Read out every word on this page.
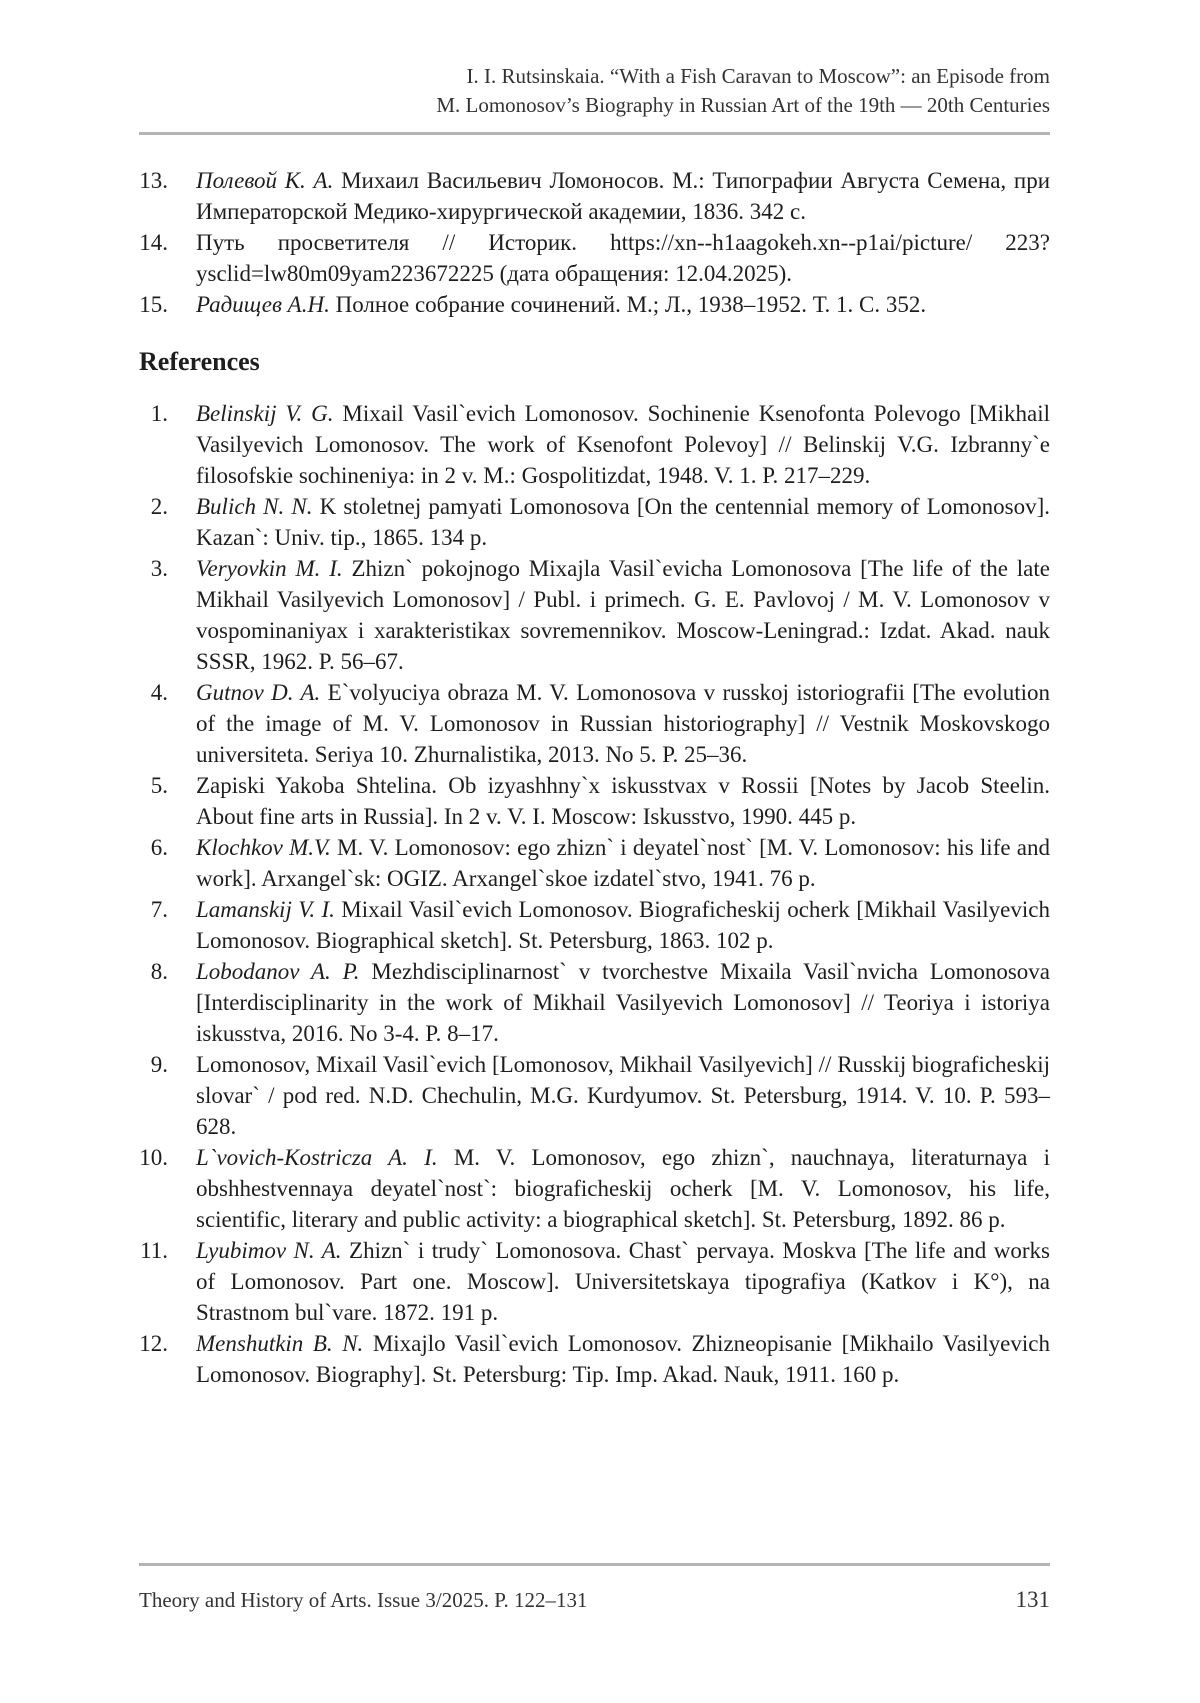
I. I. Rutsinskaia. “With a Fish Caravan to Moscow”: an Episode from
M. Lomonosov’s Biography in Russian Art of the 19th — 20th Centuries
13. Полевой К. А. Михаил Васильевич Ломоносов. М.: Типографии Августа Семена, при Императорской Медико-хирургической академии, 1836. 342 с.
14. Путь просветителя // Историк. https://xn--h1aagokeh.xn--p1ai/picture/ 223?ysclid=lw80m09yam223672225 (дата обращения: 12.04.2025).
15. Радищев А.Н. Полное собрание сочинений. М.; Л., 1938–1952. Т. 1. С. 352.
References
1. Belinskij V. G. Mixail Vasil`evich Lomonosov. Sochinenie Ksenofonta Polevogo [Mikhail Vasilyevich Lomonosov. The work of Ksenofont Polevoy] // Belinskij V.G. Izbranny`e filosofskie sochineniya: in 2 v. M.: Gospolitizdat, 1948. V. 1. P. 217–229.
2. Bulich N. N. K stoletnej pamyati Lomonosova [On the centennial memory of Lomonosov]. Kazan`: Univ. tip., 1865. 134 p.
3. Veryovkin M. I. Zhizn` pokojnogo Mixajla Vasil`evicha Lomonosova [The life of the late Mikhail Vasilyevich Lomonosov] / Publ. i primech. G. E. Pavlovoj / M. V. Lomonosov v vospominaniyax i xarakteristikax sovremennikov. Moscow-Leningrad.: Izdat. Akad. nauk SSSR, 1962. P. 56–67.
4. Gutnov D. A. E`volyuciya obraza M. V. Lomonosova v russkoj istoriografii [The evolution of the image of M. V. Lomonosov in Russian historiography] // Vestnik Moskovskogo universiteta. Seriya 10. Zhurnalistika, 2013. No 5. P. 25–36.
5. Zapiski Yakoba Shtelina. Ob izyashhny`x iskusstvax v Rossii [Notes by Jacob Steelin. About fine arts in Russia]. In 2 v. V. I. Moscow: Iskusstvo, 1990. 445 p.
6. Klochkov M.V. M. V. Lomonosov: ego zhizn` i deyatel`nost` [M. V. Lomonosov: his life and work]. Arxangel`sk: OGIZ. Arxangel`skoe izdatel`stvo, 1941. 76 p.
7. Lamanskij V. I. Mixail Vasil`evich Lomonosov. Biograficheskij ocherk [Mikhail Vasilyevich Lomonosov. Biographical sketch]. St. Petersburg, 1863. 102 p.
8. Lobodanov A. P. Mezhdisciplinarnost` v tvorchestve Mixaila Vasil`nvicha Lomonosova [Interdisciplinarity in the work of Mikhail Vasilyevich Lomonosov] // Teoriya i istoriya iskusstva, 2016. No 3-4. P. 8–17.
9. Lomonosov, Mixail Vasil`evich [Lomonosov, Mikhail Vasilyevich] // Russkij biograficheskij slovar` / pod red. N.D. Chechulin, M.G. Kurdyumov. St. Petersburg, 1914. V. 10. P. 593–628.
10. L`vovich-Kostricza A. I. M. V. Lomonosov, ego zhizn`, nauchnaya, literaturnaya i obshhestvennaya deyatel`nost`: biograficheskij ocherk [M. V. Lomonosov, his life, scientific, literary and public activity: a biographical sketch]. St. Petersburg, 1892. 86 p.
11. Lyubimov N. A. Zhizn` i trudy` Lomonosova. Chast` pervaya. Moskva [The life and works of Lomonosov. Part one. Moscow]. Universitetskaya tipografiya (Katkov i K°), na Strastnom bul`vare. 1872. 191 p.
12. Menshutkin B. N. Mixajlo Vasil`evich Lomonosov. Zhizneopisanie [Mikhailo Vasilyevich Lomonosov. Biography]. St. Petersburg: Tip. Imp. Akad. Nauk, 1911. 160 p.
Theory and History of Arts. Issue 3/2025. P. 122–131	131
